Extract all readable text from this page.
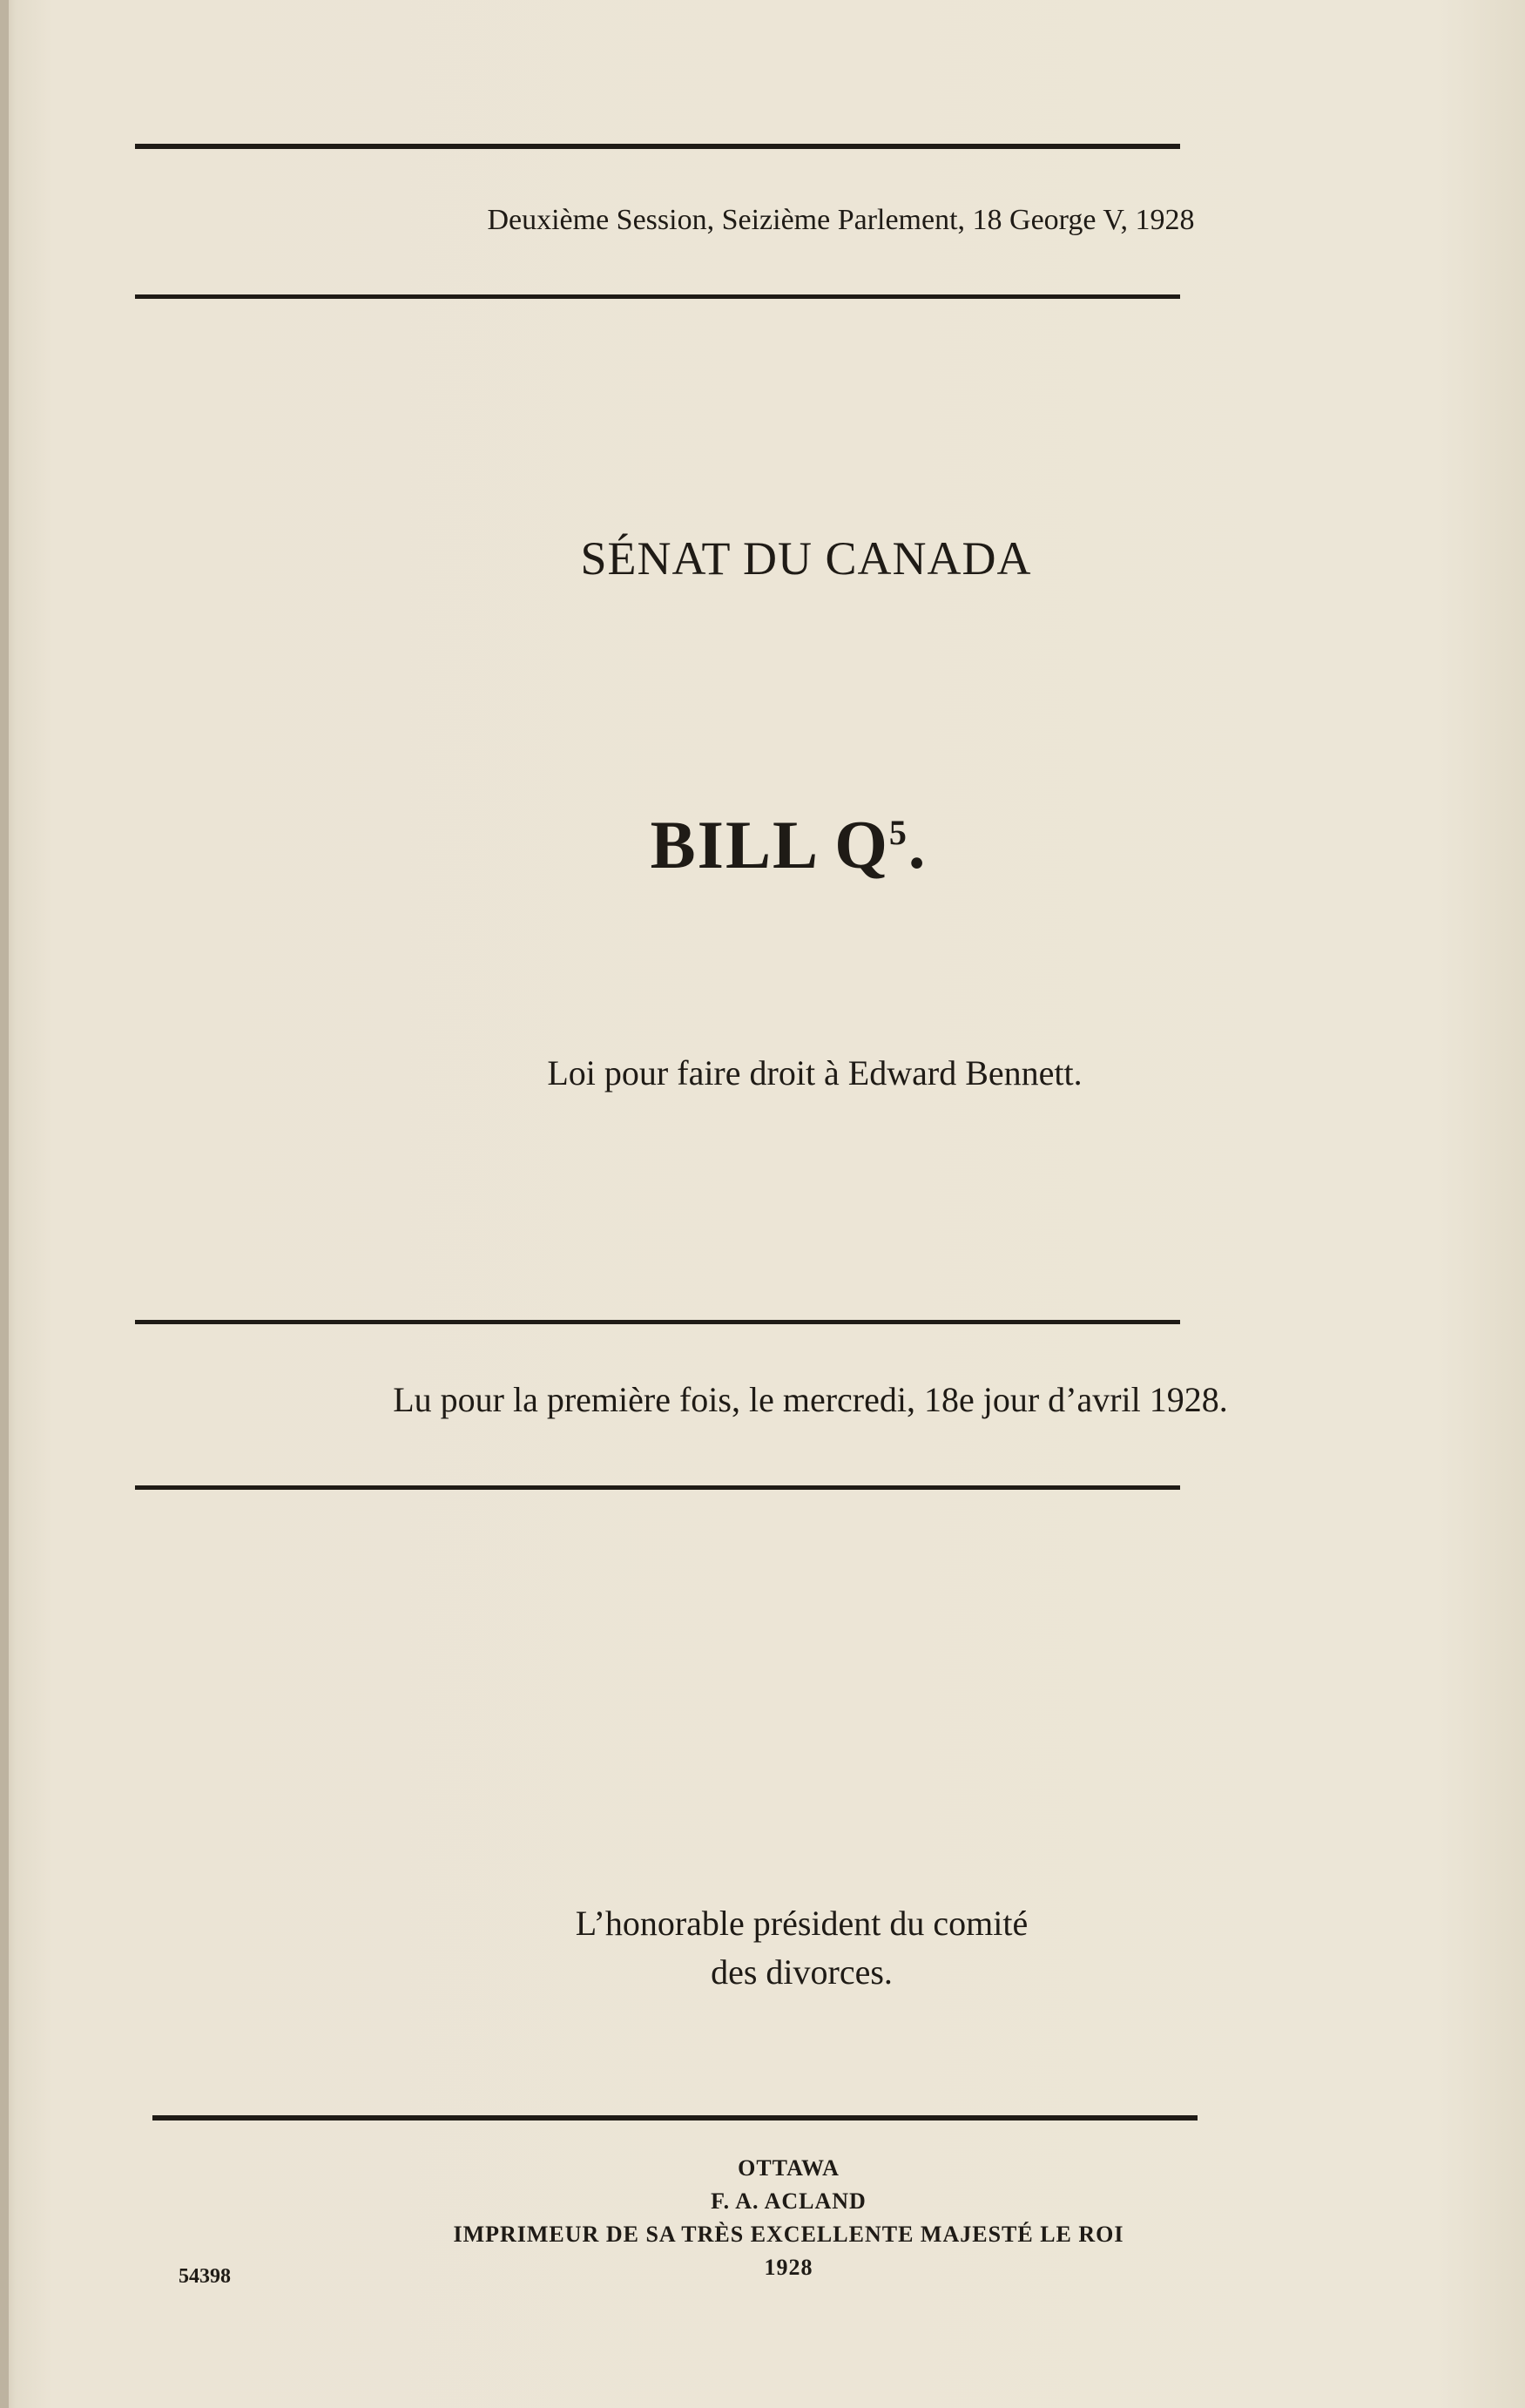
Deuxième Session, Seizième Parlement, 18 George V, 1928
SÉNAT DU CANADA
BILL $Q^5$.
Loi pour faire droit à Edward Bennett.
Lu pour la première fois, le mercredi, 18e jour d’avril 1928.
L’honorable président du comité
des divorces.
OTTAWA
F. A. ACLAND
IMPRIMEUR DE SA TRÈS EXCELLENTE MAJESTÉ LE ROI
1928
54398
